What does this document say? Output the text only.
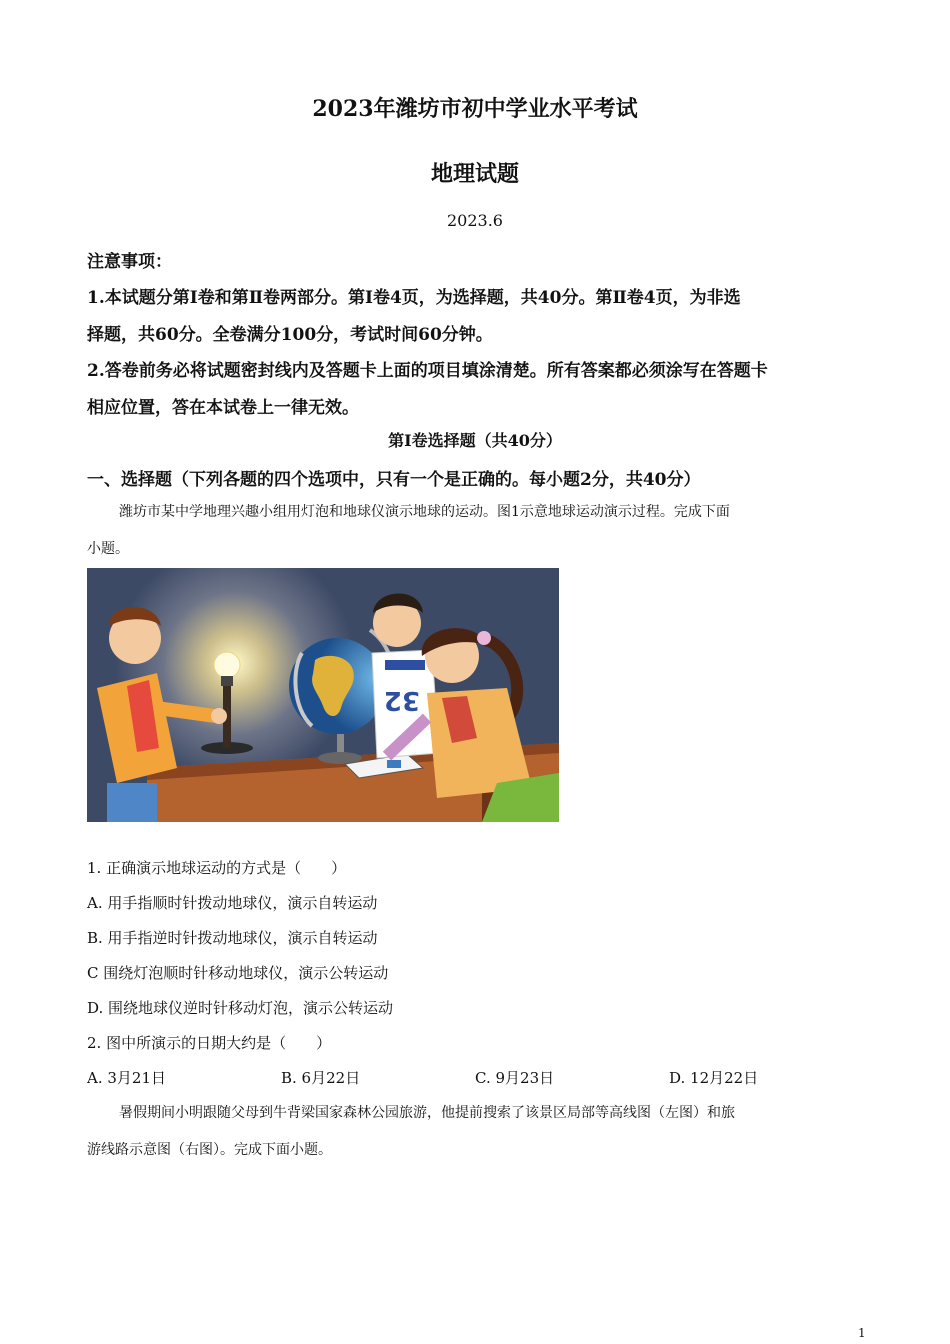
2023年潍坊市初中学业水平考试
地理试题
2023.6
注意事项：
1.本试题分第Ⅰ卷和第Ⅱ卷两部分。第Ⅰ卷4页，为选择题，共40分。第Ⅱ卷4页，为非选
择题，共60分。全卷满分100分，考试时间60分钟。
2.答卷前务必将试题密封线内及答题卡上面的项目填涂清楚。所有答案都必须涂写在答题卡
相应位置，答在本试卷上一律无效。
第Ⅰ卷选择题（共40分）
一、选择题（下列各题的四个选项中，只有一个是正确的。每小题2分，共40分）
潍坊市某中学地理兴趣小组用灯泡和地球仪演示地球的运动。图1示意地球运动演示过程。完成下面
小题。
32
1. 正确演示地球运动的方式是（　　）
A. 用手指顺时针拨动地球仪，演示自转运动
B. 用手指逆时针拨动地球仪，演示自转运动
C 围绕灯泡顺时针移动地球仪，演示公转运动
D. 围绕地球仪逆时针移动灯泡，演示公转运动
2. 图中所演示的日期大约是（　　）
A. 3月21日	B. 6月22日	C. 9月23日	D. 12月22日
暑假期间小明跟随父母到牛背梁国家森林公园旅游，他提前搜索了该景区局部等高线图（左图）和旅
游线路示意图（右图）。完成下面小题。
1
